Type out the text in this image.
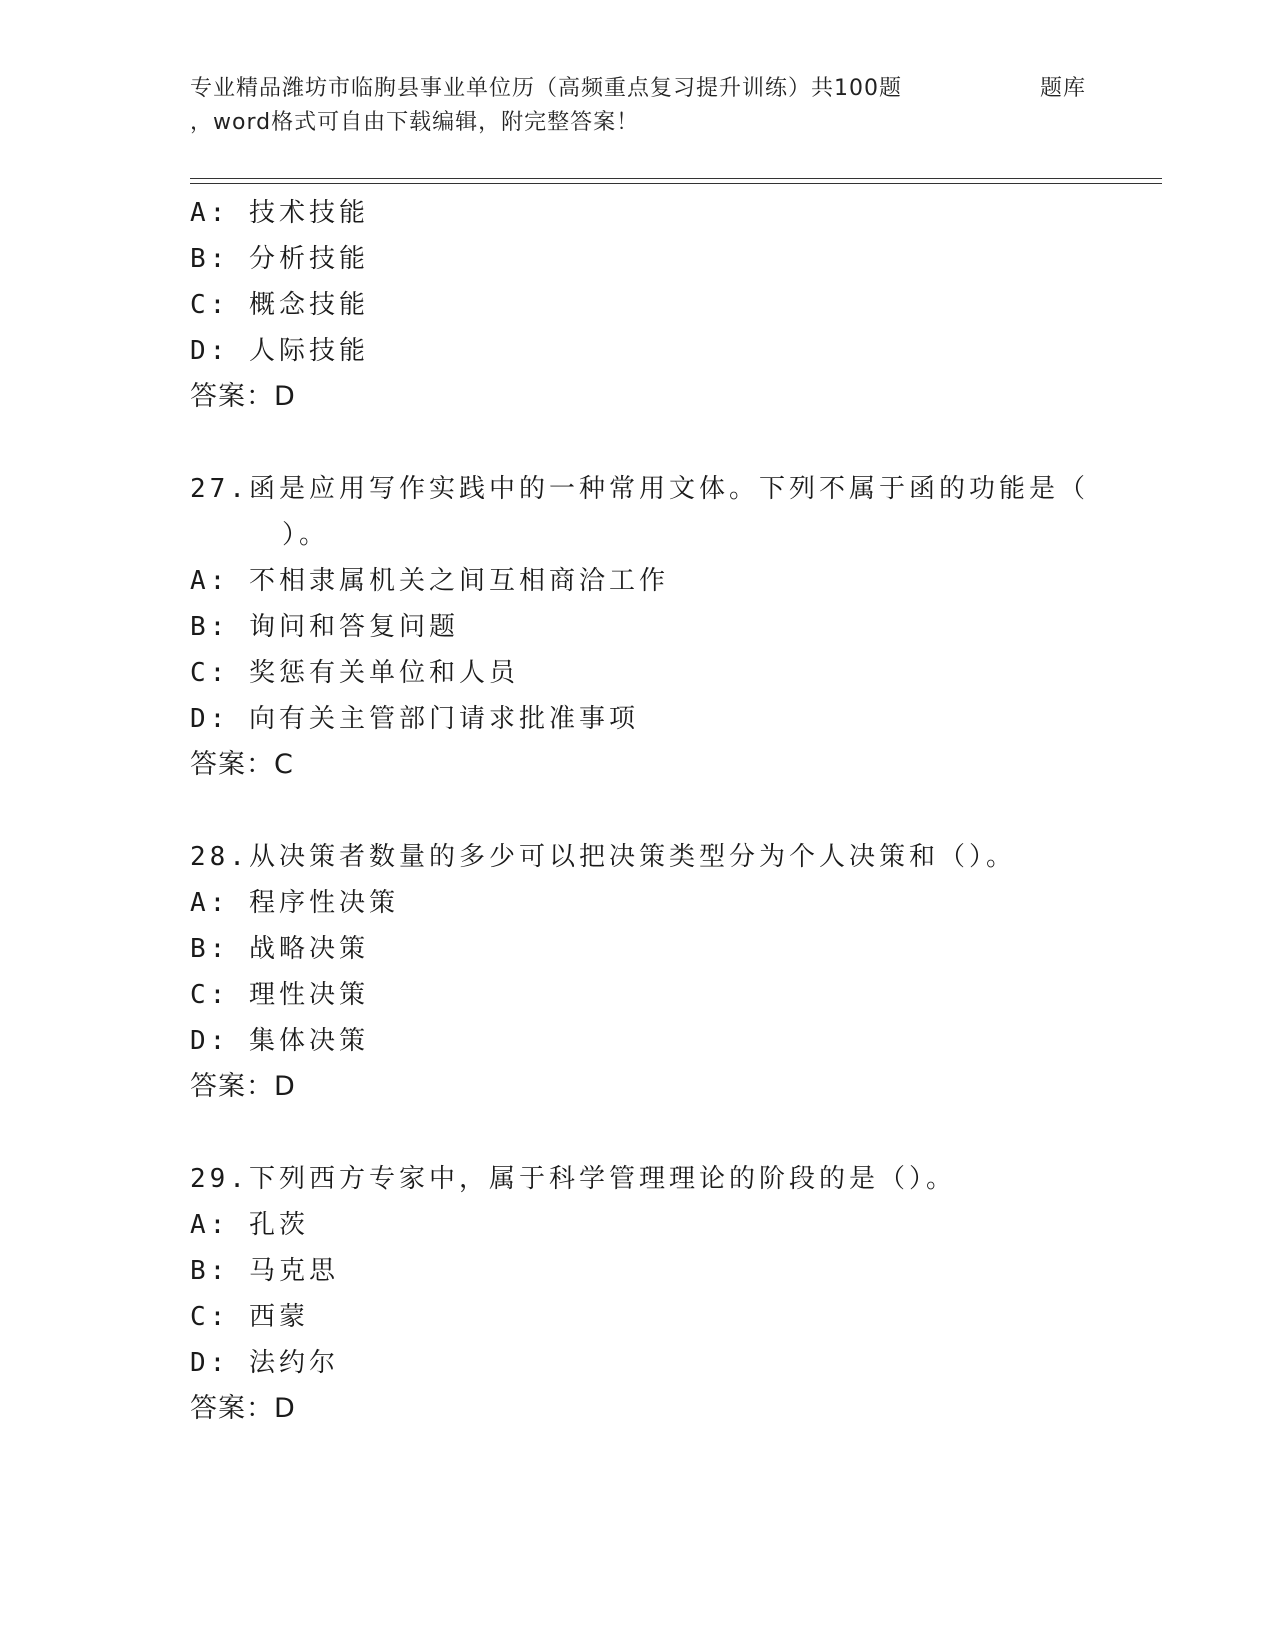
专业精品潍坊市临朐县事业单位历（高频重点复习提升训练）共100题	题库
，word格式可自由下载编辑，附完整答案！
A: 技术技能
B: 分析技能
C: 概念技能
D: 人际技能
答案：D
27.函是应用写作实践中的一种常用文体。下列不属于函的功能是（
）。
A: 不相隶属机关之间互相商洽工作
B: 询问和答复问题
C: 奖惩有关单位和人员
D: 向有关主管部门请求批准事项
答案：C
28.从决策者数量的多少可以把决策类型分为个人决策和（）。
A: 程序性决策
B: 战略决策
C: 理性决策
D: 集体决策
答案：D
29.下列西方专家中，属于科学管理理论的阶段的是（）。
A: 孔茨
B: 马克思
C: 西蒙
D: 法约尔
答案：D
